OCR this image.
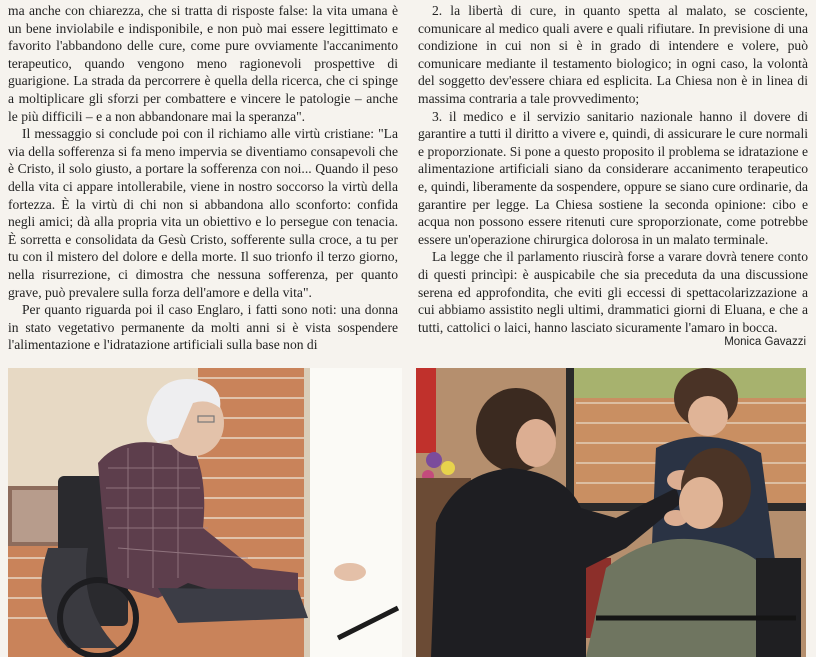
ma anche con chiarezza, che si tratta di risposte false: la vita umana è un bene inviolabile e indisponibile, e non può mai essere legittimato e favorito l'abbandono delle cure, come pure ovviamente l'accanimento terapeutico, quando vengono meno ragionevoli prospettive di guarigione. La strada da percorrere è quella della ricerca, che ci spinge a moltiplicare gli sforzi per combattere e vincere le patologie – anche le più difficili – e a non abbandonare mai la speranza".

Il messaggio si conclude poi con il richiamo alle virtù cristiane: "La via della sofferenza si fa meno impervia se diventiamo consapevoli che è Cristo, il solo giusto, a portare la sofferenza con noi... Quando il peso della vita ci appare intollerabile, viene in nostro soccorso la virtù della fortezza. È la virtù di chi non si abbandona allo sconforto: confida negli amici; dà alla propria vita un obiettivo e lo persegue con tenacia. È sorretta e consolidata da Gesù Cristo, sofferente sulla croce, a tu per tu con il mistero del dolore e della morte. Il suo trionfo il terzo giorno, nella risurrezione, ci dimostra che nessuna sofferenza, per quanto grave, può prevalere sulla forza dell'amore e della vita".

Per quanto riguarda poi il caso Englaro, i fatti sono noti: una donna in stato vegetativo permanente da molti anni si è vista sospendere l'alimentazione e l'idratazione artificiali sulla base non di

2. la libertà di cure, in quanto spetta al malato, se cosciente, comunicare al medico quali avere e quali rifiutare. In previsione di una condizione in cui non si è in grado di intendere e volere, può comunicare mediante il testamento biologico; in ogni caso, la volontà del soggetto dev'essere chiara ed esplicita. La Chiesa non è in linea di massima contraria a tale provvedimento;

3. il medico e il servizio sanitario nazionale hanno il dovere di garantire a tutti il diritto a vivere e, quindi, di assicurare le cure normali e proporzionate. Si pone a questo proposito il problema se idratazione e alimentazione artificiali siano da considerare accanimento terapeutico e, quindi, liberamente da sospendere, oppure se siano cure ordinarie, da garantire per legge. La Chiesa sostiene la seconda opinione: cibo e acqua non possono essere ritenuti cure sproporzionate, come potrebbe essere un'operazione chirurgica dolorosa in un malato terminale.

La legge che il parlamento riuscirà forse a varare dovrà tenere conto di questi princìpi: è auspicabile che sia preceduta da una discussione serena ed approfondita, che eviti gli eccessi di spettacolarizzazione a cui abbiamo assistito negli ultimi, drammatici giorni di Eluana, e che a tutti, cattolici o laici, hanno lasciato sicuramente l'amaro in bocca.

Monica Gavazzi
